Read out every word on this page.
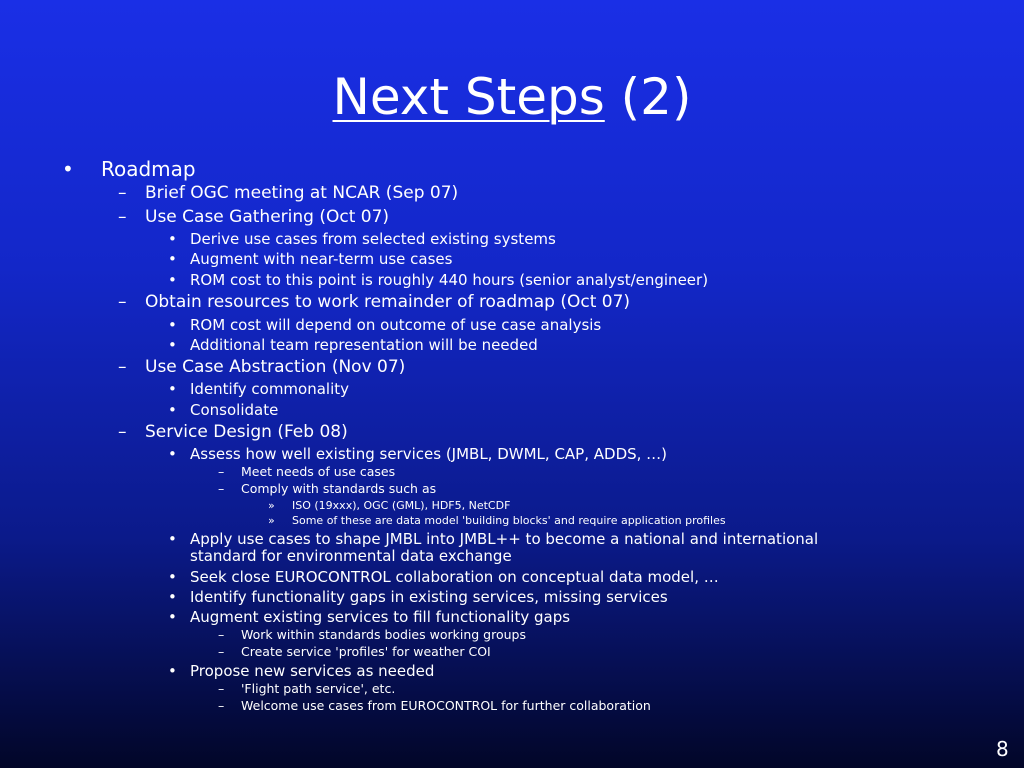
Next Steps (2)
• Roadmap
– Brief OGC meeting at NCAR (Sep 07)
– Use Case Gathering (Oct 07)
• Derive use cases from selected existing systems
• Augment with near-term use cases
• ROM cost to this point is roughly 440 hours (senior analyst/engineer)
– Obtain resources to work remainder of roadmap (Oct 07)
• ROM cost will depend on outcome of use case analysis
• Additional team representation will be needed
– Use Case Abstraction (Nov 07)
• Identify commonality
• Consolidate
– Service Design (Feb 08)
• Assess how well existing services (JMBL, DWML, CAP, ADDS, …)
– Meet needs of use cases
– Comply with standards such as
» ISO (19xxx), OGC (GML), HDF5, NetCDF
» Some of these are data model 'building blocks' and require application profiles
• Apply use cases to shape JMBL into JMBL++ to become a national and international
standard for environmental data exchange
• Seek close EUROCONTROL collaboration on conceptual data model, …
• Identify functionality gaps in existing services, missing services
• Augment existing services to fill functionality gaps
– Work within standards bodies working groups
– Create service 'profiles' for weather COI
• Propose new services as needed
– 'Flight path service', etc.
– Welcome use cases from EUROCONTROL for further collaboration
8
